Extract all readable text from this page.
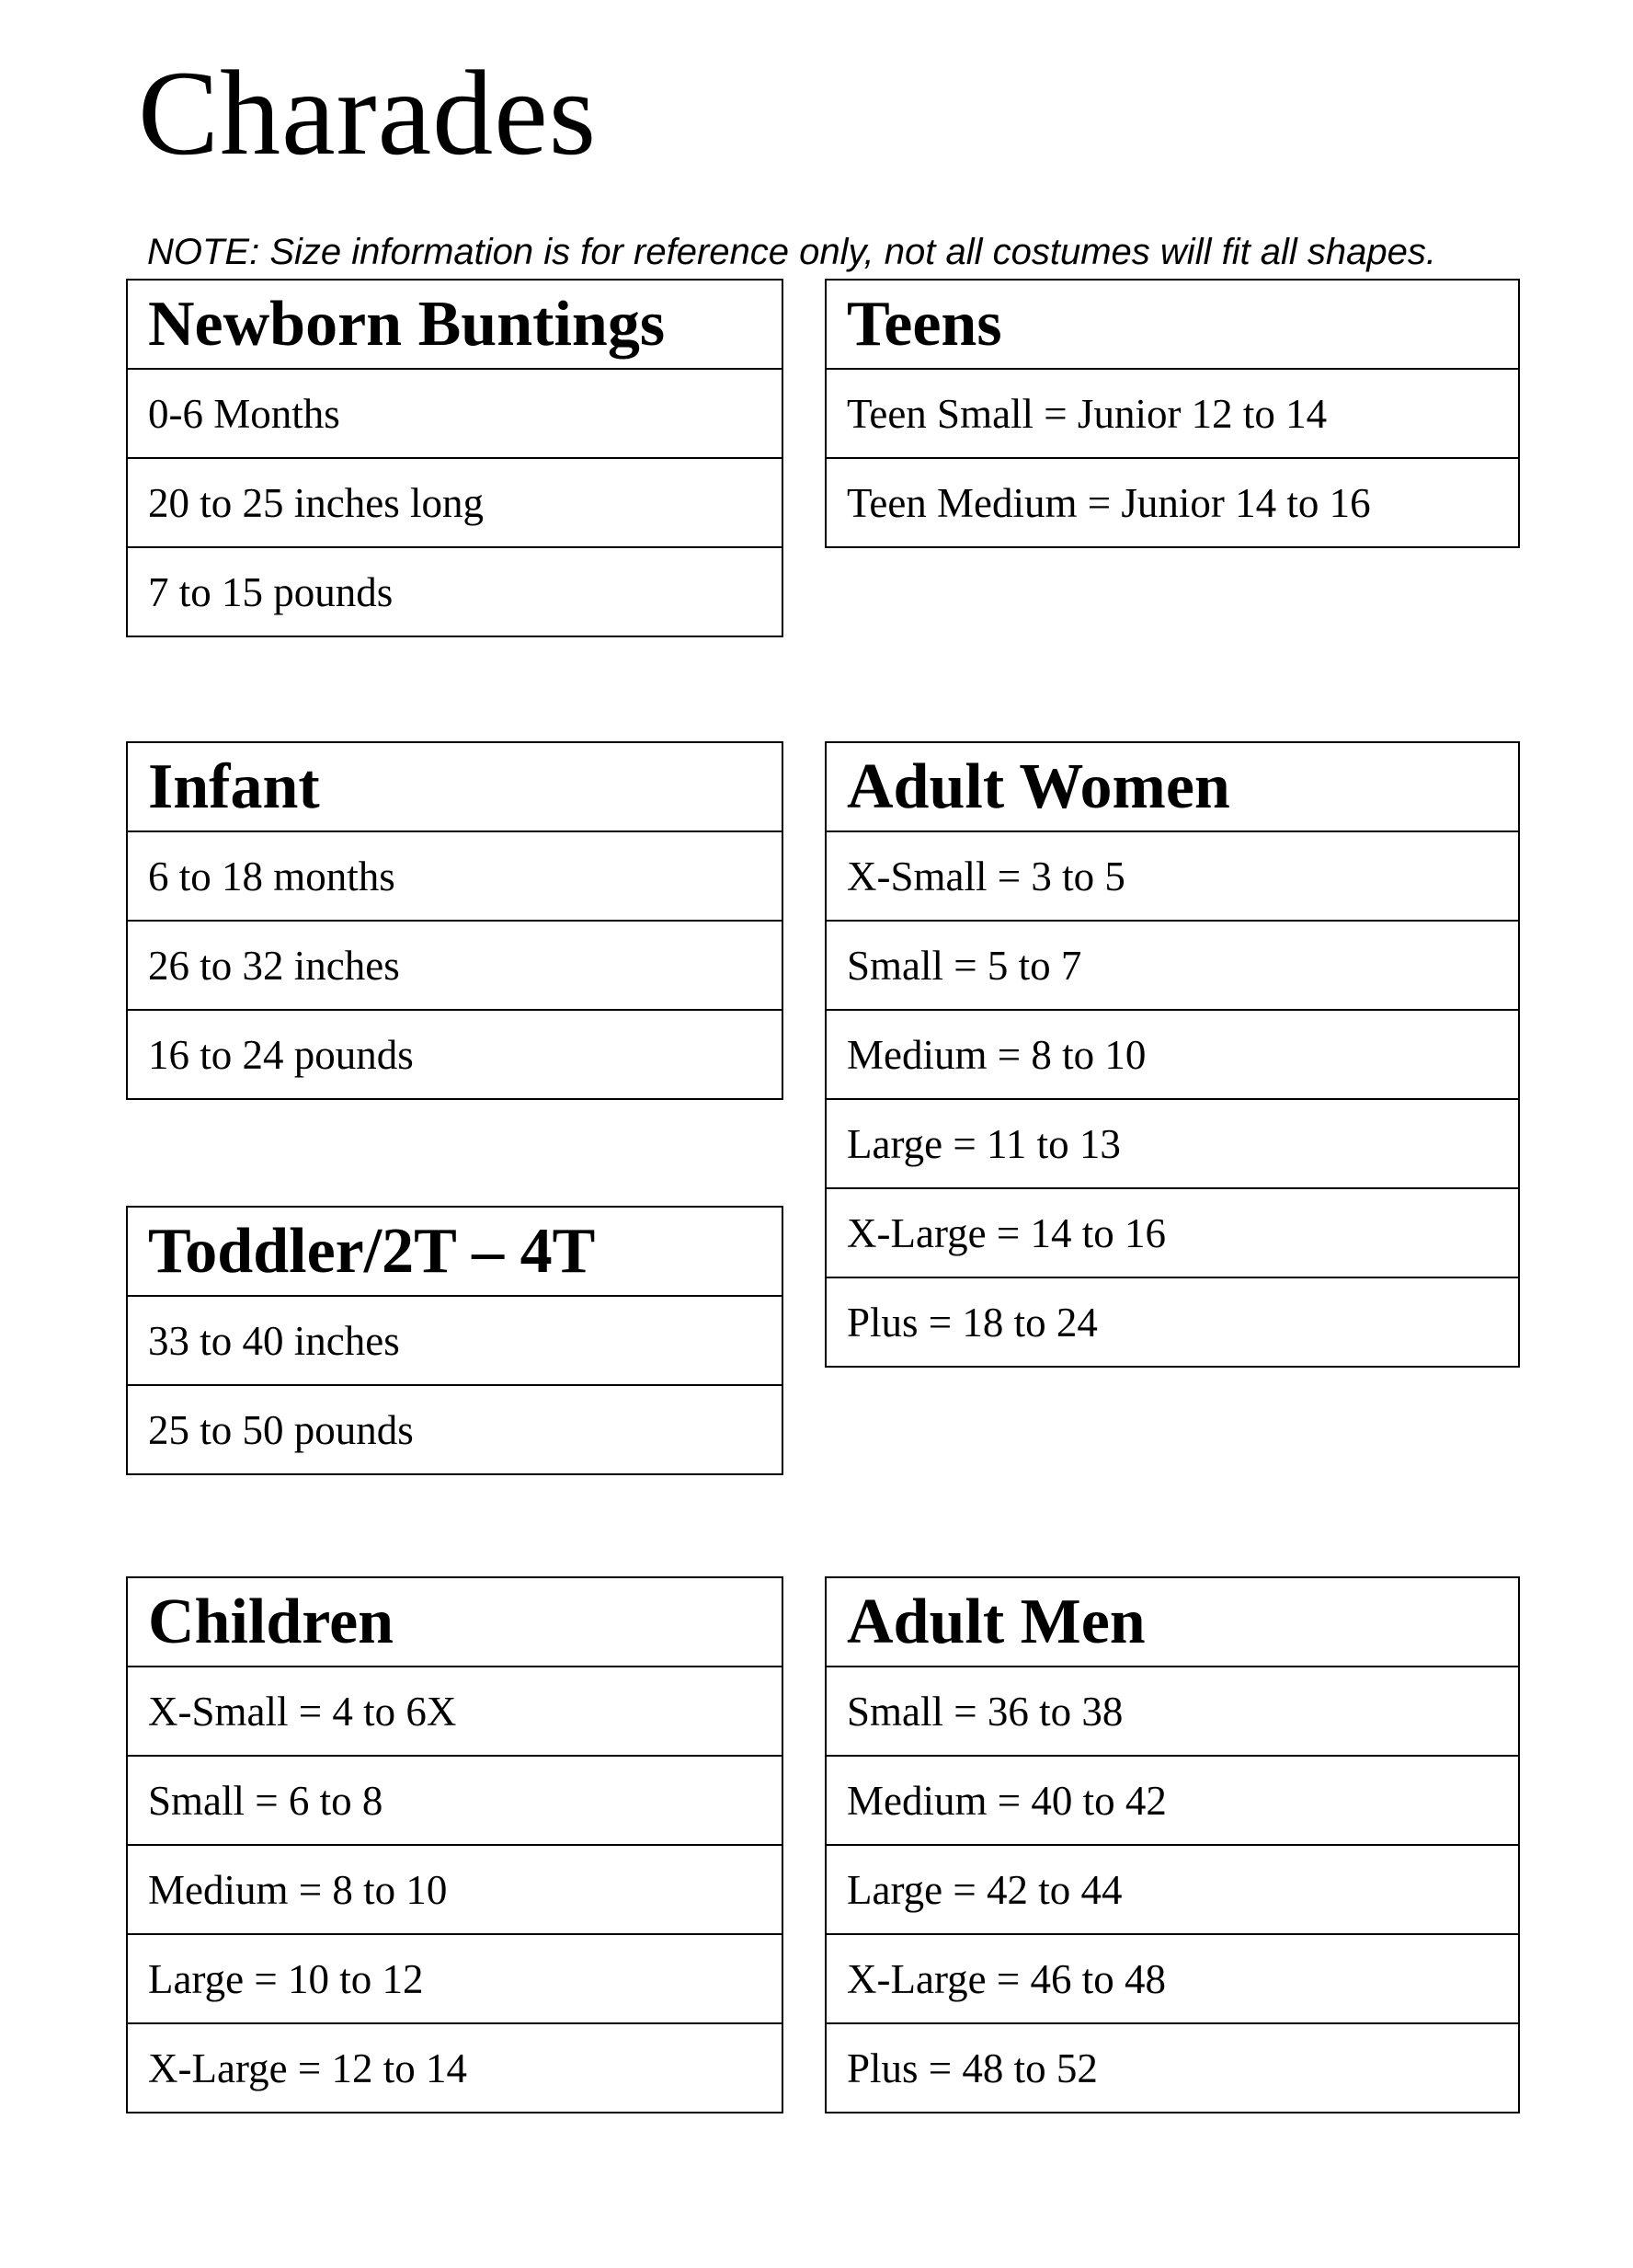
Charades
NOTE: Size information is for reference only, not all costumes will fit all shapes.
Newborn Buntings
0-6 Months
20 to 25 inches long
7 to 15 pounds
Teens
Teen Small = Junior 12 to 14
Teen Medium = Junior 14 to 16
Infant
6 to 18 months
26 to 32 inches
16 to 24 pounds
Adult Women
X-Small = 3 to 5
Small = 5 to 7
Medium = 8 to 10
Large = 11 to 13
X-Large = 14 to 16
Plus = 18 to 24
Toddler/2T – 4T
33 to 40 inches
25 to 50 pounds
Children
X-Small = 4 to 6X
Small = 6 to 8
Medium = 8 to 10
Large = 10 to 12
X-Large = 12 to 14
Adult Men
Small = 36 to 38
Medium = 40 to 42
Large = 42 to 44
X-Large = 46 to 48
Plus = 48 to 52
